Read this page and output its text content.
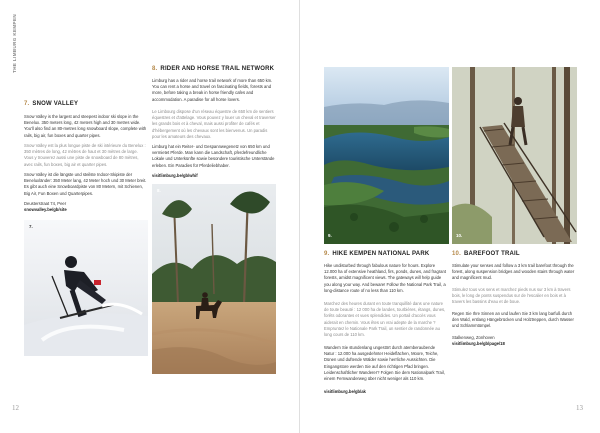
THE LIMBURG KEMPEN
7. SNOW VALLEY
Snow Valley is the largest and steepest indoor ski slope in the Benelux. 350 meters long, 42 meters high and 30 metres wide. You'll also find an 80-metres long snowboard slope, complete with rails, big air, fun boxes and quarter pipes.
Snow Valley est la plus longue piste de ski intérieure du Benelux : 350 mètres de long, 42 mètres de haut et 30 mètres de large. Vous y trouverez aussi une piste de snowboard de 80 mètres, avec rails, fun boxes, big air et quarter pipes.
Snow Valley ist die längste und steilste Indoor-Skipiste der Beneluxländer: 350 Meter lang, 42 Meter hoch und 30 Meter breit. Es gibt auch eine Snowboardpiste von 80 Metern, mit Schienen, Big Air, Fun Boxen und Quarterpipes.
Deusterstraat 74, Peer
snowvalley.be/gb/site
7.
8. RIDER AND HORSE TRAIL NETWORK
Limburg has a rider and horse trail network of more than 650 km. You can rent a horse and travel on fascinating fields, forests and more, before taking a break in horse friendly cafes and accommodation. A paradise for all horse lovers.
Le Limbourg dispose d'un réseau équestre de 650 km de sentiers équestres et d'attelage. Vous pouvez y louer un cheval et traverser les grands bois et à cheval, mais aussi profiter de cafés et d'hébergement où les chevaux sont les bienvenus. Un paradis pour les amateurs des chevaux.
Limburg hat ein Reiter- und Gespannwegenetz von 650 km und vermietet Pferde. Man kann die Landschaft, pferdefreundliche Lokale und Unterkünfte sowie besondere touristische Unterstände erleben. Ein Paradies für Pferdeliebhaber.
visitlimburg.be/gb/whif
8.
12
9.	10.
9. HIKE KEMPEN NATIONAL PARK
Hike undisturbed through fabulous nature for hours. Explore 12.000 ha of extensive heathland, firs, ponds, dunes, and fragrant forests, amidst magnificent views. The gateways will help guide you along your way. And beware! Follow the National Park Trail, a long-distance route of no less than 110 km.
Marchez des heures durant en toute tranquillité dans une nature de toute beauté : 12 000 ha de landes, tourbières, étangs, dunes, forêts odorantes et vues splendides. Un portail d'accès vous aiderait en chemin. Vous êtes un vrai adepte de la marche ? Empruntez le Nationale Park Trail, un sentier de randonnée au long cours de 110 km.
Wandern Sie stundenlang ungestört durch atemberaubende Natur : 12.000 ha ausgedehnter Heideflächen, Moore, Teiche, Dünen und duftende Wälder sowie herrliche Aussichten. Die Eingangstore werden Sie auf den richtigen Pfad bringen. Leidenschaftlicher Wanderer? Folgen Sie dem Nationalpark Trail, einem Fernwanderweg über nicht weniger als 110 km.
visitlimburg.be/gb/ak
10. BAREFOOT TRAIL
Stimulate your senses and follow a 3 km trail barefoot through the forest, along suspension bridges and wooden stairs through water and magnificent mud.
Stimulez tous vos sens et marchez pieds nus sur 3 km à travers bois, le long de ponts suspendus sur de l'escalier en bois et à travers les bassins d'eau et de boue.
Regen Sie Ihre Sinnen an und laufen Sie 3 km lang barfuß durch den Wald, entlang Hängebrücken und Holztreppen, durch Wasser und Schlammtümpel.
Stalkenweg, Zonhoven
visitlimburg.be/gb/page/18
13
